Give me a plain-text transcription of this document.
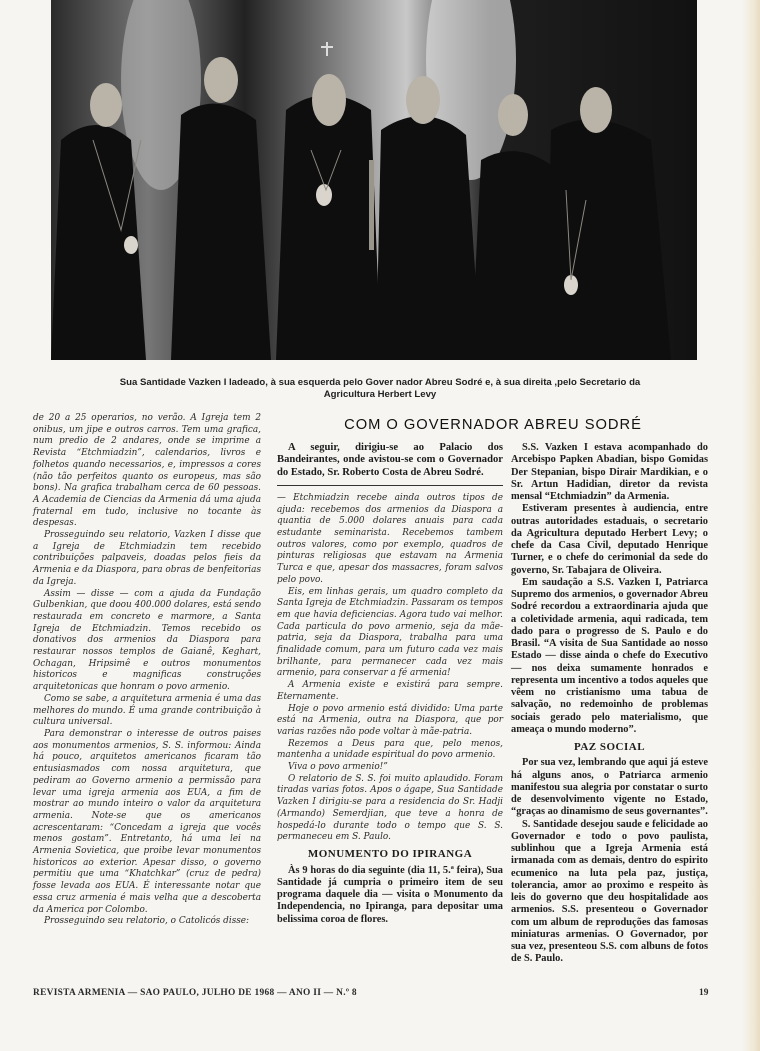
Sua Santidade Vazken I ladeado, à sua esquerda pelo Gover nador Abreu Sodré e, à sua direita ,pelo Secretario da
Agricultura Herbert Levy

de 20 a 25 operarios, no verão. A Igreja tem 2 onibus, um jipe e outros carros. Tem uma grafica, num predio de 2 andares, onde se imprime a Revista “Etchmiadzin”, calendarios, livros e folhetos quando necessarios, e, impressos a cores (não tão perfeitos quanto os europeus, mas são bons). Na grafica trabalham cerca de 60 pessoas. A Academia de Ciencias da Armenia dá uma ajuda fraternal em tudo, inclusive no tocante às despesas.

Prosseguindo seu relatorio, Vazken I disse que a Igreja de Etchmiadzin tem recebido contribuições palpaveis, doadas pelos fieis da Armenia e da Diaspora, para obras de benfeitorias da Igreja.

Assim — disse — com a ajuda da Fundação Gulbenkian, que doou 400.000 dolares, está sendo restaurada em concreto e marmore, a Santa Igreja de Etchmiadzin. Temos recebido os donativos dos armenios da Diaspora para restaurar nossos templos de Gaianê, Keghart, Ochagan, Hripsimê e outros monumentos historicos e magnificas construções arquitetonicas que honram o povo armenio.

Como se sabe, a arquitetura armenia é uma das melhores do mundo. É uma grande contribuição à cultura universal.

Para demonstrar o interesse de outros paises aos monumentos armenios, S. S. informou: Ainda há pouco, arquitetos americanos ficaram tão entusiasmados com nossa arquitetura, que pediram ao Governo armenio a permissão para levar uma igreja armenia aos EUA, a fim de mostrar ao mundo inteiro o valor da arquitetura armenia. Note-se que os americanos acrescentaram: “Concedam a igreja que vocês menos gostam”. Entretanto, há uma lei na Armenia Sovietica, que proibe levar monumentos historicos ao exterior. Apesar disso, o governo permitiu que uma “Khatchkar” (cruz de pedra) fosse levada aos EUA. É interessante notar que essa cruz armenia é mais velha que a descoberta da America por Colombo.

Prosseguindo seu relatorio, o Catolicós disse:

COM O GOVERNADOR ABREU SODRÉ

A seguir, dirigiu-se ao Palacio dos Bandeirantes, onde avistou-se com o Governador do Estado, Sr. Roberto Costa de Abreu Sodré.

— Etchmiadzin recebe ainda outros tipos de ajuda: recebemos dos armenios da Diaspora a quantia de 5.000 dolares anuais para cada estudante seminarista. Recebemos tambem outros valores, como por exemplo, quadros de pinturas religiosas que estavam na Armenia Turca e que, apesar dos massacres, foram salvos pelo povo.

Eis, em linhas gerais, um quadro completo da Santa Igreja de Etchmiadzin. Passaram os tempos em que havia deficiencias. Agora tudo vai melhor. Cada particula do povo armenio, seja da mãe-patria, seja da Diaspora, trabalha para uma finalidade comum, para um futuro cada vez mais brilhante, para permanecer cada vez mais armenio, para conservar a fé armenia!

A Armenia existe e existirá para sempre. Eternamente.

Hoje o povo armenio está dividido: Uma parte está na Armenia, outra na Diaspora, que por varias razões não pode voltar à mãe-patria.

Rezemos a Deus para que, pelo menos, mantenha a unidade espiritual do povo armenio.

Viva o povo armenio!”

O relatorio de S. S. foi muito aplaudido. Foram tiradas varias fotos. Apos o ágape, Sua Santidade Vazken I dirigiu-se para a residencia do Sr. Hadji (Armando) Semerdjian, que teve a honra de hospedá-lo durante todo o tempo que S. S. permaneceu em S. Paulo.

MONUMENTO DO IPIRANGA

Às 9 horas do dia seguinte (dia 11, 5.ª feira), Sua Santidade já cumpria o primeiro item de seu programa daquele dia — visita o Monumento da Independencia, no Ipiranga, para depositar uma belissima coroa de flores.

S.S. Vazken I estava acompanhado do Arcebispo Papken Abadian, bispo Gomidas Der Stepanian, bispo Dirair Mardikian, e o Sr. Artun Hadidian, diretor da revista mensal “Etchmiadzin” da Armenia.

Estiveram presentes à audiencia, entre outras autoridades estaduais, o secretario da Agricultura deputado Herbert Levy; o chefe da Casa Civil, deputado Henrique Turner, e o chefe do cerimonial da sede do governo, Sr. Tabajara de Oliveira.

Em saudação a S.S. Vazken I, Patriarca Supremo dos armenios, o governador Abreu Sodré recordou a extraordinaria ajuda que a coletividade armenia, aqui radicada, tem dado para o progresso de S. Paulo e do Brasil. “A visita de Sua Santidade ao nosso Estado — disse ainda o chefe do Executivo — nos deixa sumamente honrados e representa um incentivo a todos aqueles que vêem no cristianismo uma tabua de salvação, no redemoinho de problemas sociais gerado pelo materialismo, que ameaça o mundo moderno”.

PAZ SOCIAL

Por sua vez, lembrando que aqui já esteve há alguns anos, o Patriarca armenio manifestou sua alegria por constatar o surto de desenvolvimento vigente no Estado, “graças ao dinamismo de seus governantes”.

S. Santidade desejou saude e felicidade ao Governador e todo o povo paulista, sublinhou que a Igreja Armenia está irmanada com as demais, dentro do espirito ecumenico na luta pela paz, justiça, tolerancia, amor ao proximo e respeito às leis do governo que deu hospitalidade aos armenios. S.S. presenteou o Governador com um album de reproduções das famosas miniaturas armenias. O Governador, por sua vez, presenteou S.S. com albuns de fotos de S. Paulo.

REVISTA ARMENIA — SAO PAULO, JULHO DE 1968 — ANO II — N.º 8	19
